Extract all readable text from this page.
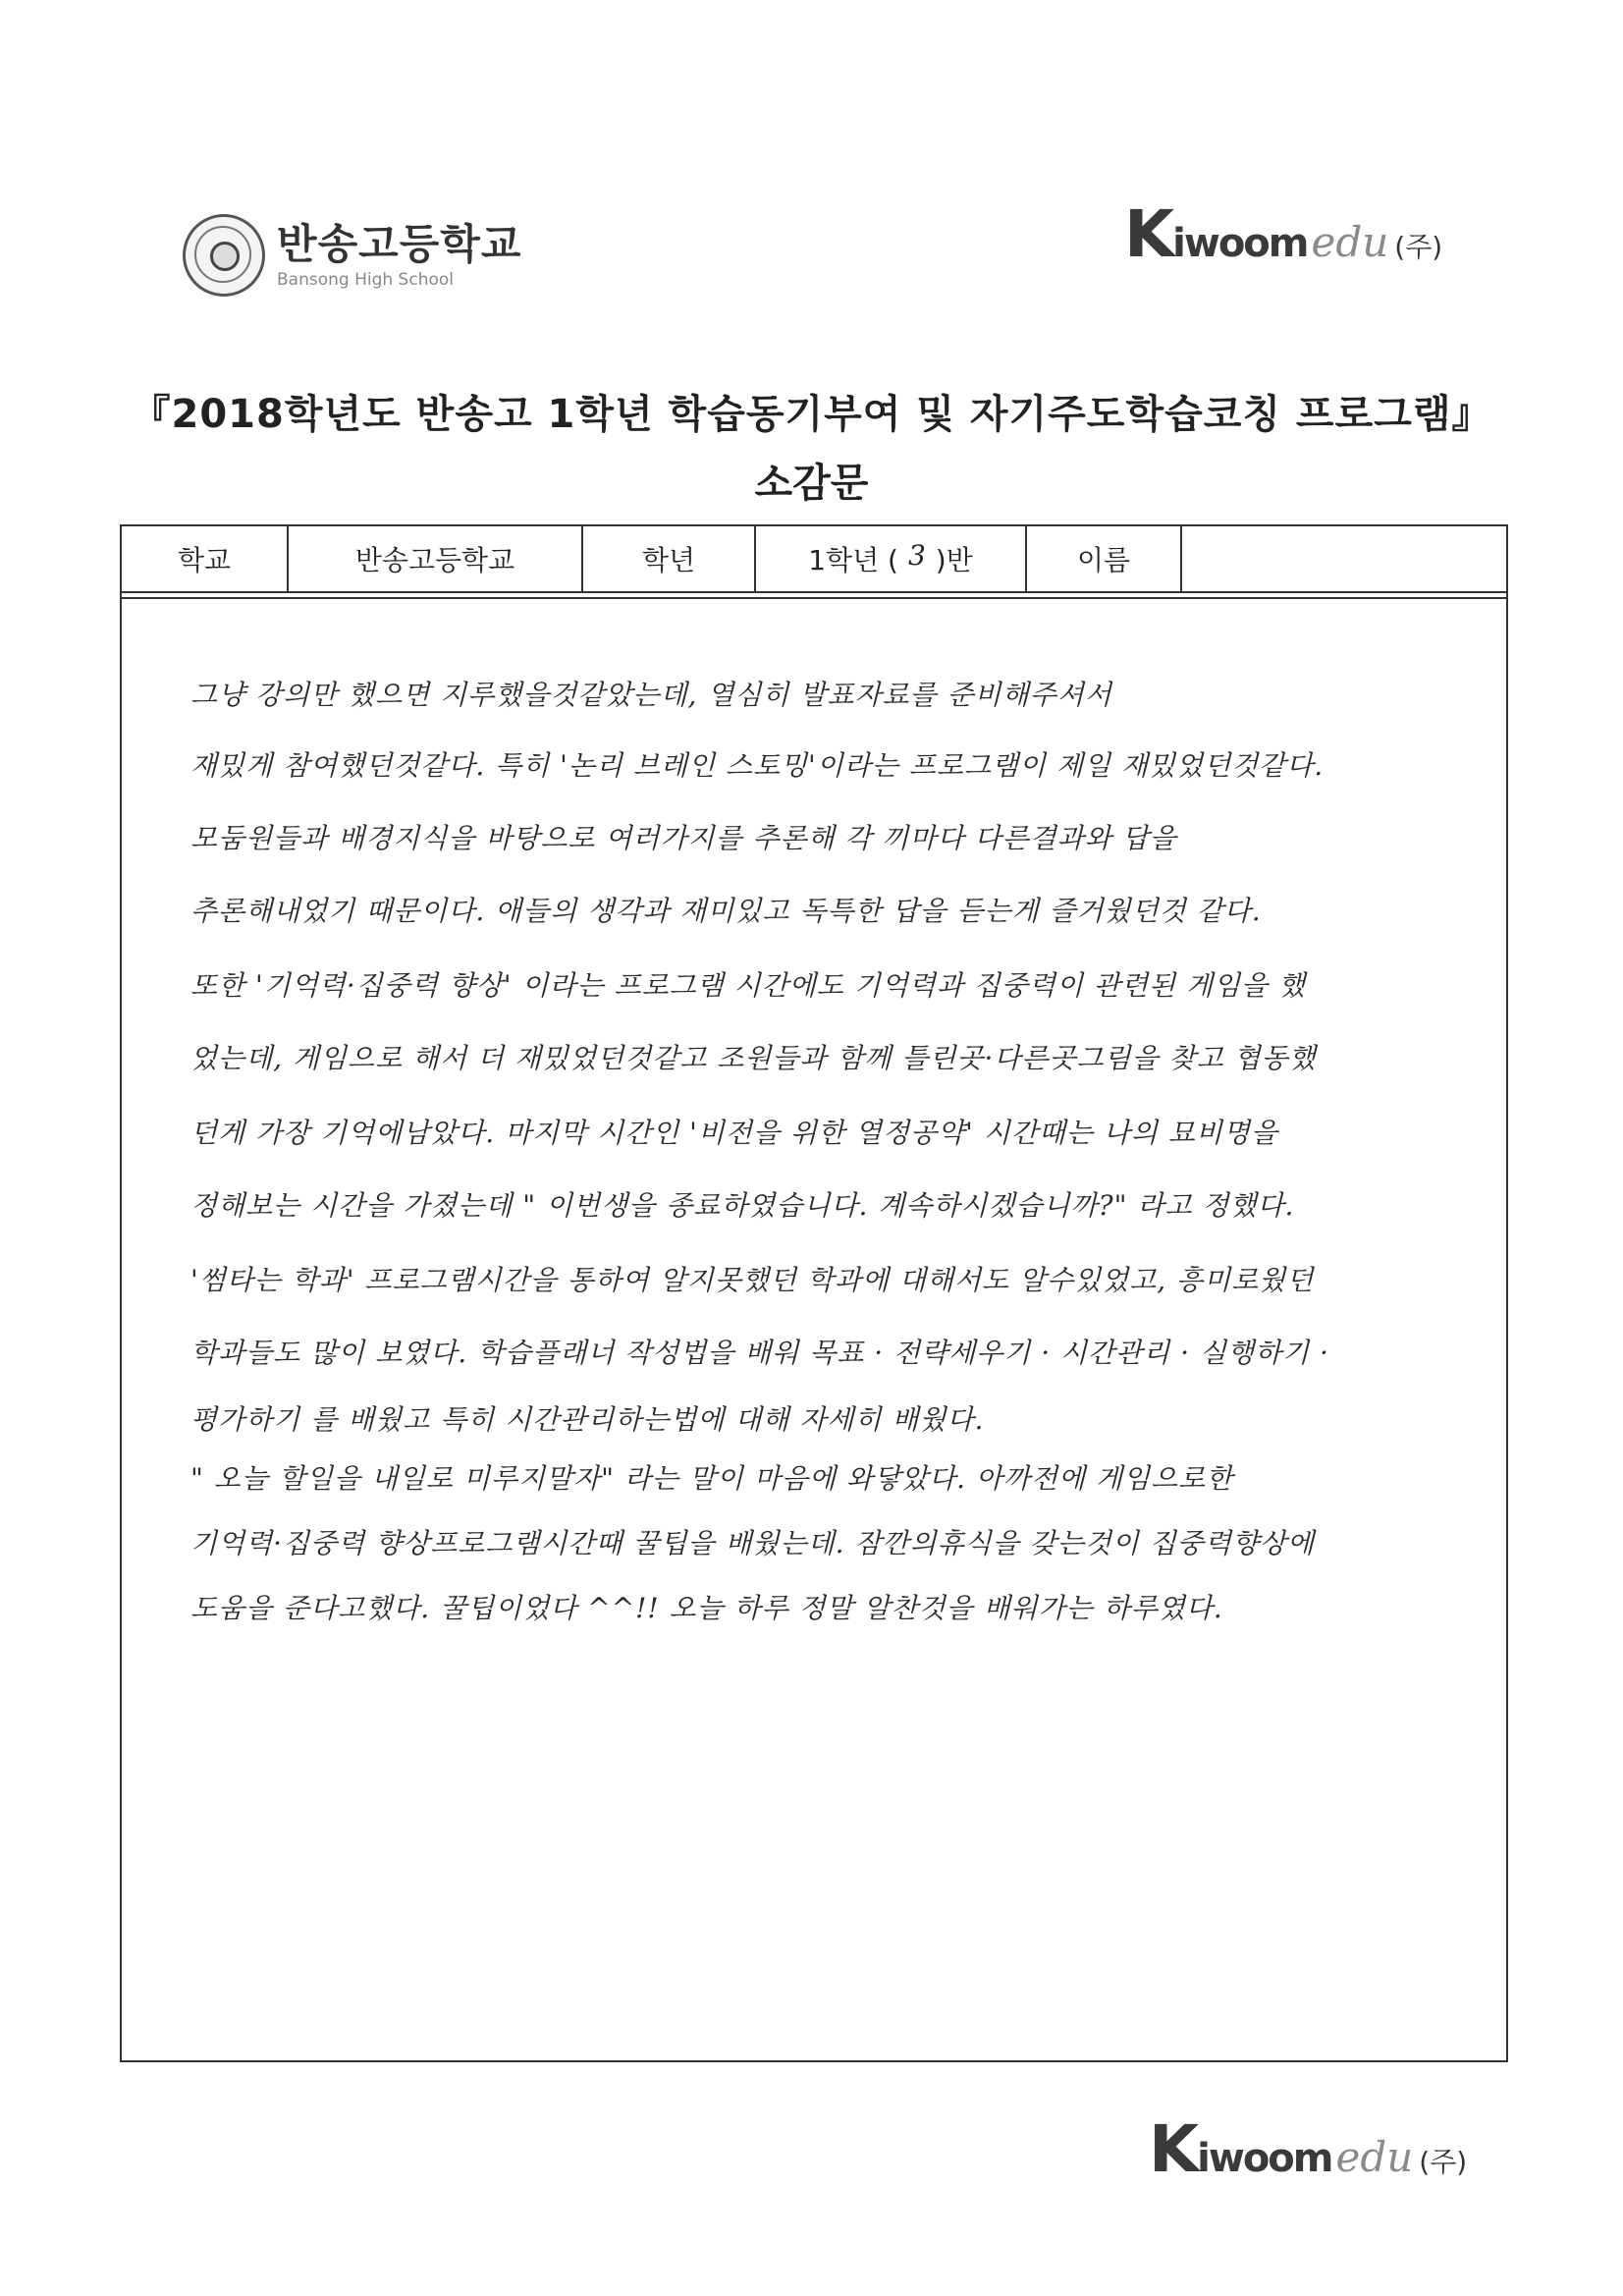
반송고등학교
Bansong High School
Kiwoom edu (주)
『2018학년도 반송고 1학년 학습동기부여 및 자기주도학습코칭 프로그램』
소감문
학교	반송고등학교	학년	1학년 ( 3 )반	이름
그냥 강의만 했으면 지루했을것같았는데, 열심히 발표자료를 준비해주셔서
재밌게 참여했던것같다. 특히 '논리 브레인 스토밍'이라는 프로그램이 제일 재밌었던것같다.
모둠원들과 배경지식을 바탕으로 여러가지를 추론해 각 끼마다 다른결과와 답을
추론해내었기 때문이다. 애들의 생각과 재미있고 독특한 답을 듣는게 즐거웠던것 같다.
또한 '기억력·집중력 향상' 이라는 프로그램 시간에도 기억력과 집중력이 관련된 게임을 했
었는데, 게임으로 해서 더 재밌었던것같고 조원들과 함께 틀린곳·다른곳그림을 찾고 협동했
던게 가장 기억에남았다. 마지막 시간인 '비전을 위한 열정공약' 시간때는 나의 묘비명을
정해보는 시간을 가졌는데 " 이번생을 종료하였습니다. 계속하시겠습니까?" 라고 정했다.
'썸타는 학과' 프로그램시간을 통하여 알지못했던 학과에 대해서도 알수있었고, 흥미로웠던
학과들도 많이 보였다. 학습플래너 작성법을 배워 목표 · 전략세우기 · 시간관리 · 실행하기 ·
평가하기 를 배웠고 특히 시간관리하는법에 대해 자세히 배웠다.
" 오늘 할일을 내일로 미루지말자" 라는 말이 마음에 와닿았다. 아까전에 게임으로한
기억력·집중력 향상프로그램시간때 꿀팁을 배웠는데. 잠깐의휴식을 갖는것이 집중력향상에
도움을 준다고했다. 꿀팁이었다 ^^!! 오늘 하루 정말 알찬것을 배워가는 하루였다.
Kiwoom edu (주)
